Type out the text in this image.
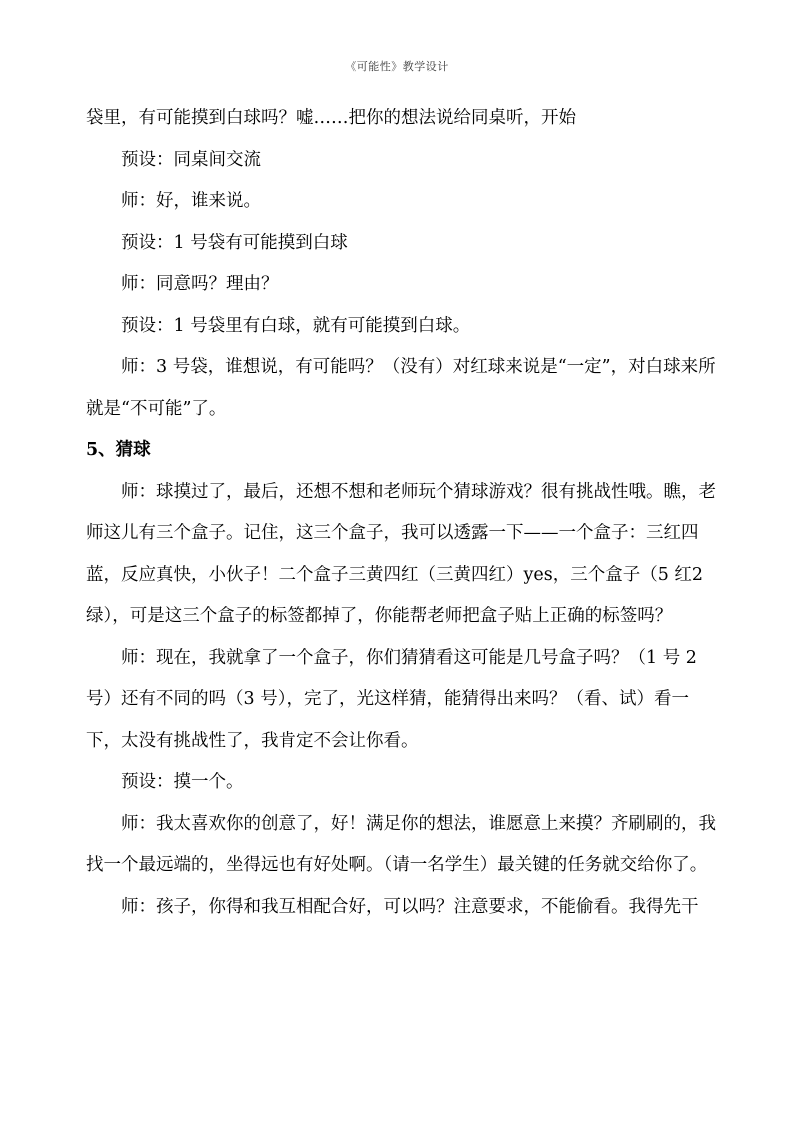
《可能性》教学设计

袋里，有可能摸到白球吗？嘘……把你的想法说给同桌听，开始

预设：同桌间交流

师：好，谁来说。

预设：1 号袋有可能摸到白球

师：同意吗？理由？

预设：1 号袋里有白球，就有可能摸到白球。

师：3 号袋，谁想说，有可能吗？（没有）对红球来说是“一定”，对白球来所就是“不可能”了。

5、猜球

师：球摸过了，最后，还想不想和老师玩个猜球游戏？很有挑战性哦。瞧，老师这儿有三个盒子。记住，这三个盒子，我可以透露一下——一个盒子：三红四蓝，反应真快，小伙子！二个盒子三黄四红（三黄四红）yes，三个盒子（5 红2 绿），可是这三个盒子的标签都掉了，你能帮老师把盒子贴上正确的标签吗？

师：现在，我就拿了一个盒子，你们猜猜看这可能是几号盒子吗？（1 号 2号）还有不同的吗（3 号），完了，光这样猜，能猜得出来吗？（看、试）看一下，太没有挑战性了，我肯定不会让你看。

预设：摸一个。

师：我太喜欢你的创意了，好！满足你的想法，谁愿意上来摸？齐刷刷的，我找一个最远端的，坐得远也有好处啊。（请一名学生）最关键的任务就交给你了。

师：孩子，你得和我互相配合好，可以吗？注意要求，不能偷看。我得先干
